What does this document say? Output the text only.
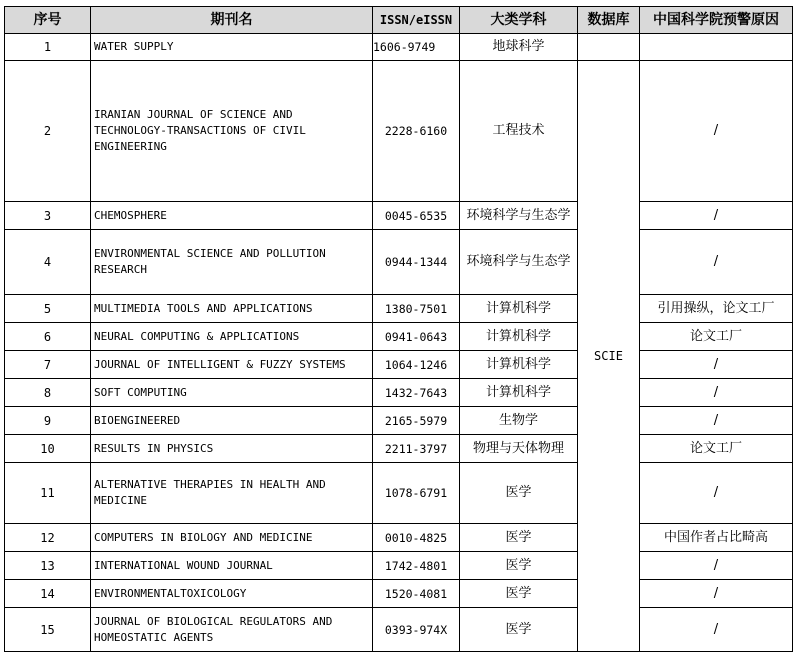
序号	期刊名	ISSN/eISSN	大类学科	数据库	中国科学院预警原因
1	WATER SUPPLY	1606-9749	地球科学		
2	IRANIAN JOURNAL OF SCIENCE AND TECHNOLOGY-TRANSACTIONS OF CIVIL ENGINEERING	2228-6160	工程技术	SCIE	/
3	CHEMOSPHERE	0045-6535	环境科学与生态学		/
4	ENVIRONMENTAL SCIENCE AND POLLUTION RESEARCH	0944-1344	环境科学与生态学		/
5	MULTIMEDIA TOOLS AND APPLICATIONS	1380-7501	计算机科学		引用操纵，论文工厂
6	NEURAL COMPUTING & APPLICATIONS	0941-0643	计算机科学		论文工厂
7	JOURNAL OF INTELLIGENT & FUZZY SYSTEMS	1064-1246	计算机科学		/
8	SOFT COMPUTING	1432-7643	计算机科学		/
9	BIOENGINEERED	2165-5979	生物学		/
10	RESULTS IN PHYSICS	2211-3797	物理与天体物理		论文工厂
11	ALTERNATIVE THERAPIES IN HEALTH AND MEDICINE	1078-6791	医学		/
12	COMPUTERS IN BIOLOGY AND MEDICINE	0010-4825	医学		中国作者占比畸高
13	INTERNATIONAL WOUND JOURNAL	1742-4801	医学		/
14	ENVIRONMENTALTOXICOLOGY	1520-4081	医学		/
15	JOURNAL OF BIOLOGICAL REGULATORS AND HOMEOSTATIC AGENTS	0393-974X	医学		/
